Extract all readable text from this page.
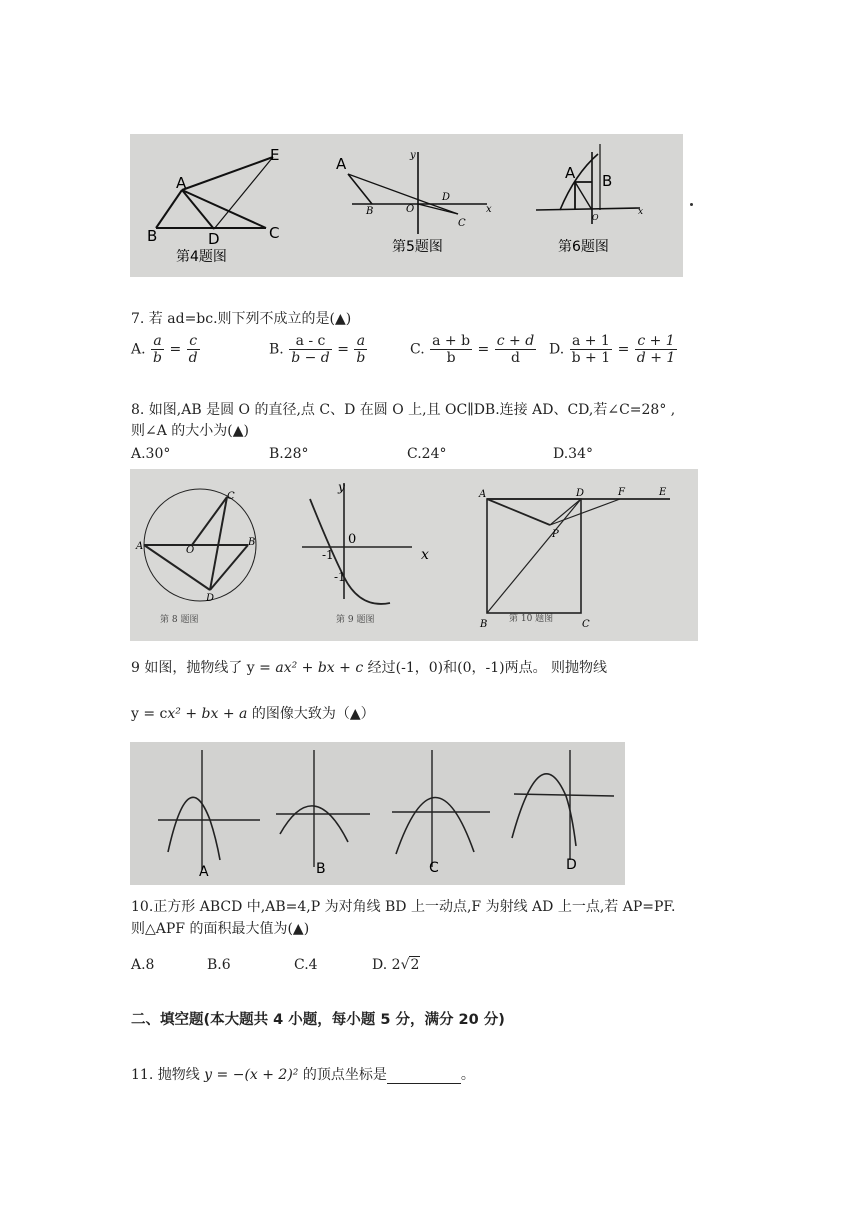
E
A
B	D	C
第4题图
A
B	O
D
C
y
x
第5题图
A B
O
x
第6题图
7. 若 ad=bc.则下列不成立的是(▲)
A. $\frac{a}{b} = \frac{c}{d}$	B. $\frac{a - c}{b - d} = \frac{a}{b}$	C. $\frac{a + b}{b} = \frac{c + d}{d} D$. $\frac{a + 1}{b + 1} = \frac{c + 1}{d + 1}$
8. 如图,AB 是圆 O 的直径,点 C、D 在圆 O 上,且 OC∥DB.连接 AD、CD,若∠C=28° ,
则∠A 的大小为(▲)
A.30°	B.28°	C.24°	D.34°
A	B
C
O
D
第 8 题图
y
x
0
-1
-1
第 9 题图
A	D	F	E
P
B	C
第 10 题图
9 如图，抛物线了 y = ax² + bx + c 经过(-1，0)和(0，-1)两点。 则抛物线
y = cx² + bx + a 的图像大致为（▲）
A	B	C	D
10.正方形 ABCD 中,AB=4,P 为对角线 BD 上一动点,F 为射线 AD 上一点,若 AP=PF.
则△APF 的面积最大值为(▲)
A.8	B.6	C.4	D. 2√2
二、填空题(本大题共 4 小题，每小题 5 分，满分 20 分)
11. 抛物线 y = −(x + 2)² 的顶点坐标是	。
